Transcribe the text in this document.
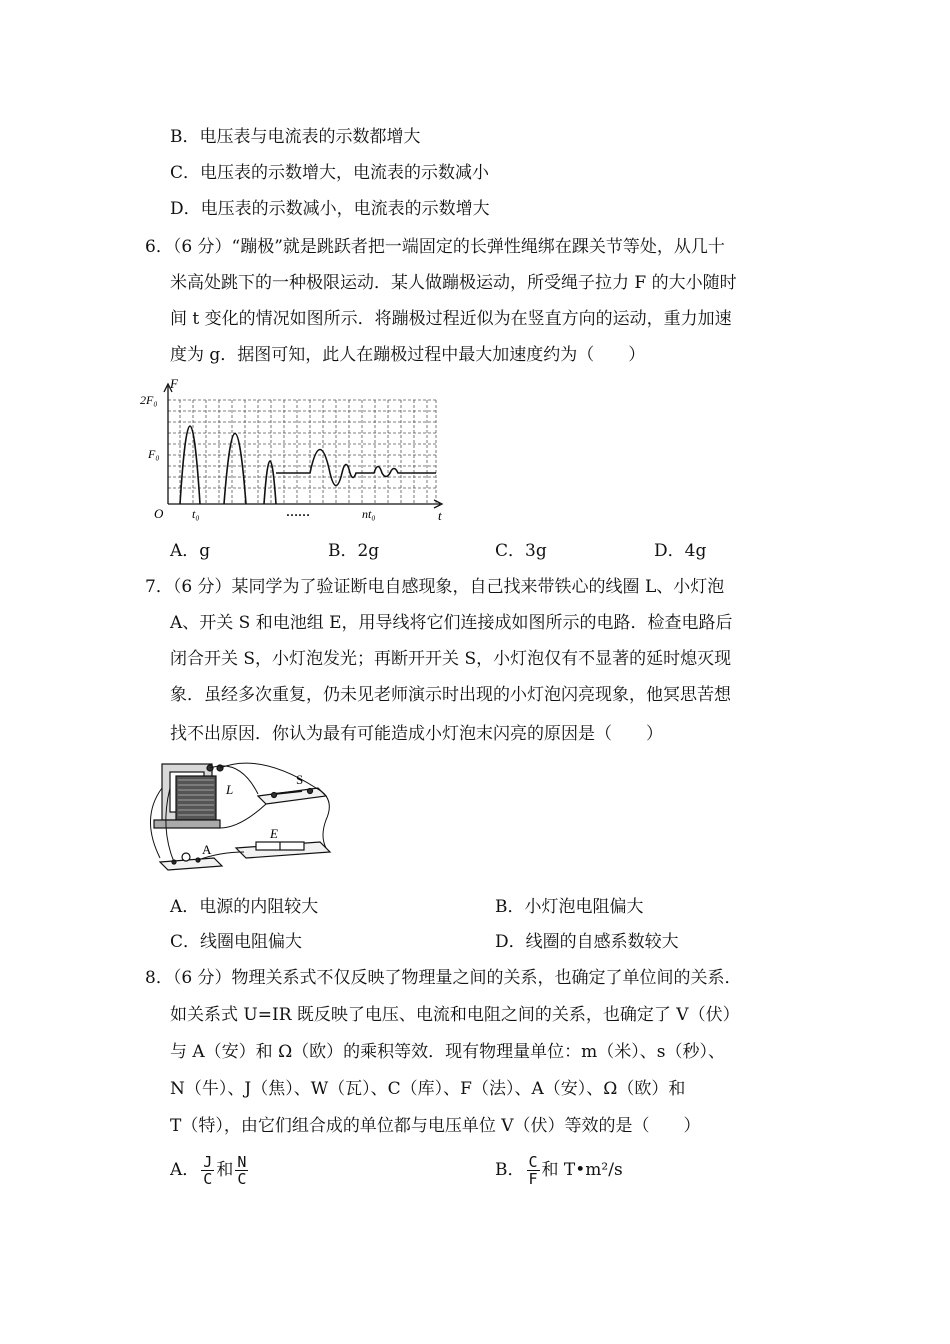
B．电压表与电流表的示数都增大
C．电压表的示数增大，电流表的示数减小
D．电压表的示数减小，电流表的示数增大
6．（6 分）“蹦极”就是跳跃者把一端固定的长弹性绳绑在踝关节等处，从几十
米高处跳下的一种极限运动．某人做蹦极运动，所受绳子拉力 F 的大小随时
间 t 变化的情况如图所示．将蹦极过程近似为在竖直方向的运动，重力加速
度为 g．据图可知，此人在蹦极过程中最大加速度约为（　　）
F
t
O
2F₀
F₀
t₀	nt₀
……
A．g	B．2g	C．3g	D．4g
7．（6 分）某同学为了验证断电自感现象，自己找来带铁心的线圈 L、小灯泡
A、开关 S 和电池组 E，用导线将它们连接成如图所示的电路．检查电路后
闭合开关 S，小灯泡发光；再断开开关 S，小灯泡仅有不显著的延时熄灭现
象．虽经多次重复，仍未见老师演示时出现的小灯泡闪亮现象，他冥思苦想
找不出原因．你认为最有可能造成小灯泡末闪亮的原因是（　　）
L
S
E
A
A．电源的内阻较大	B．小灯泡电阻偏大
C．线圈电阻偏大	D．线圈的自感系数较大
8．（6 分）物理关系式不仅反映了物理量之间的关系，也确定了单位间的关系．
如关系式 U=IR 既反映了电压、电流和电阻之间的关系，也确定了 V（伏）
与 A（安）和 Ω（欧）的乘积等效．现有物理量单位：m（米）、s（秒）、
N（牛）、J（焦）、W（瓦）、C（库）、F（法）、A（安）、Ω（欧）和
T（特），由它们组合成的单位都与电压单位 V（伏）等效的是（　　）
A． $\frac{J}{C}$ 和 $\frac{N}{C}$	B． $\frac{C}{F}$ 和 T•m²/s
